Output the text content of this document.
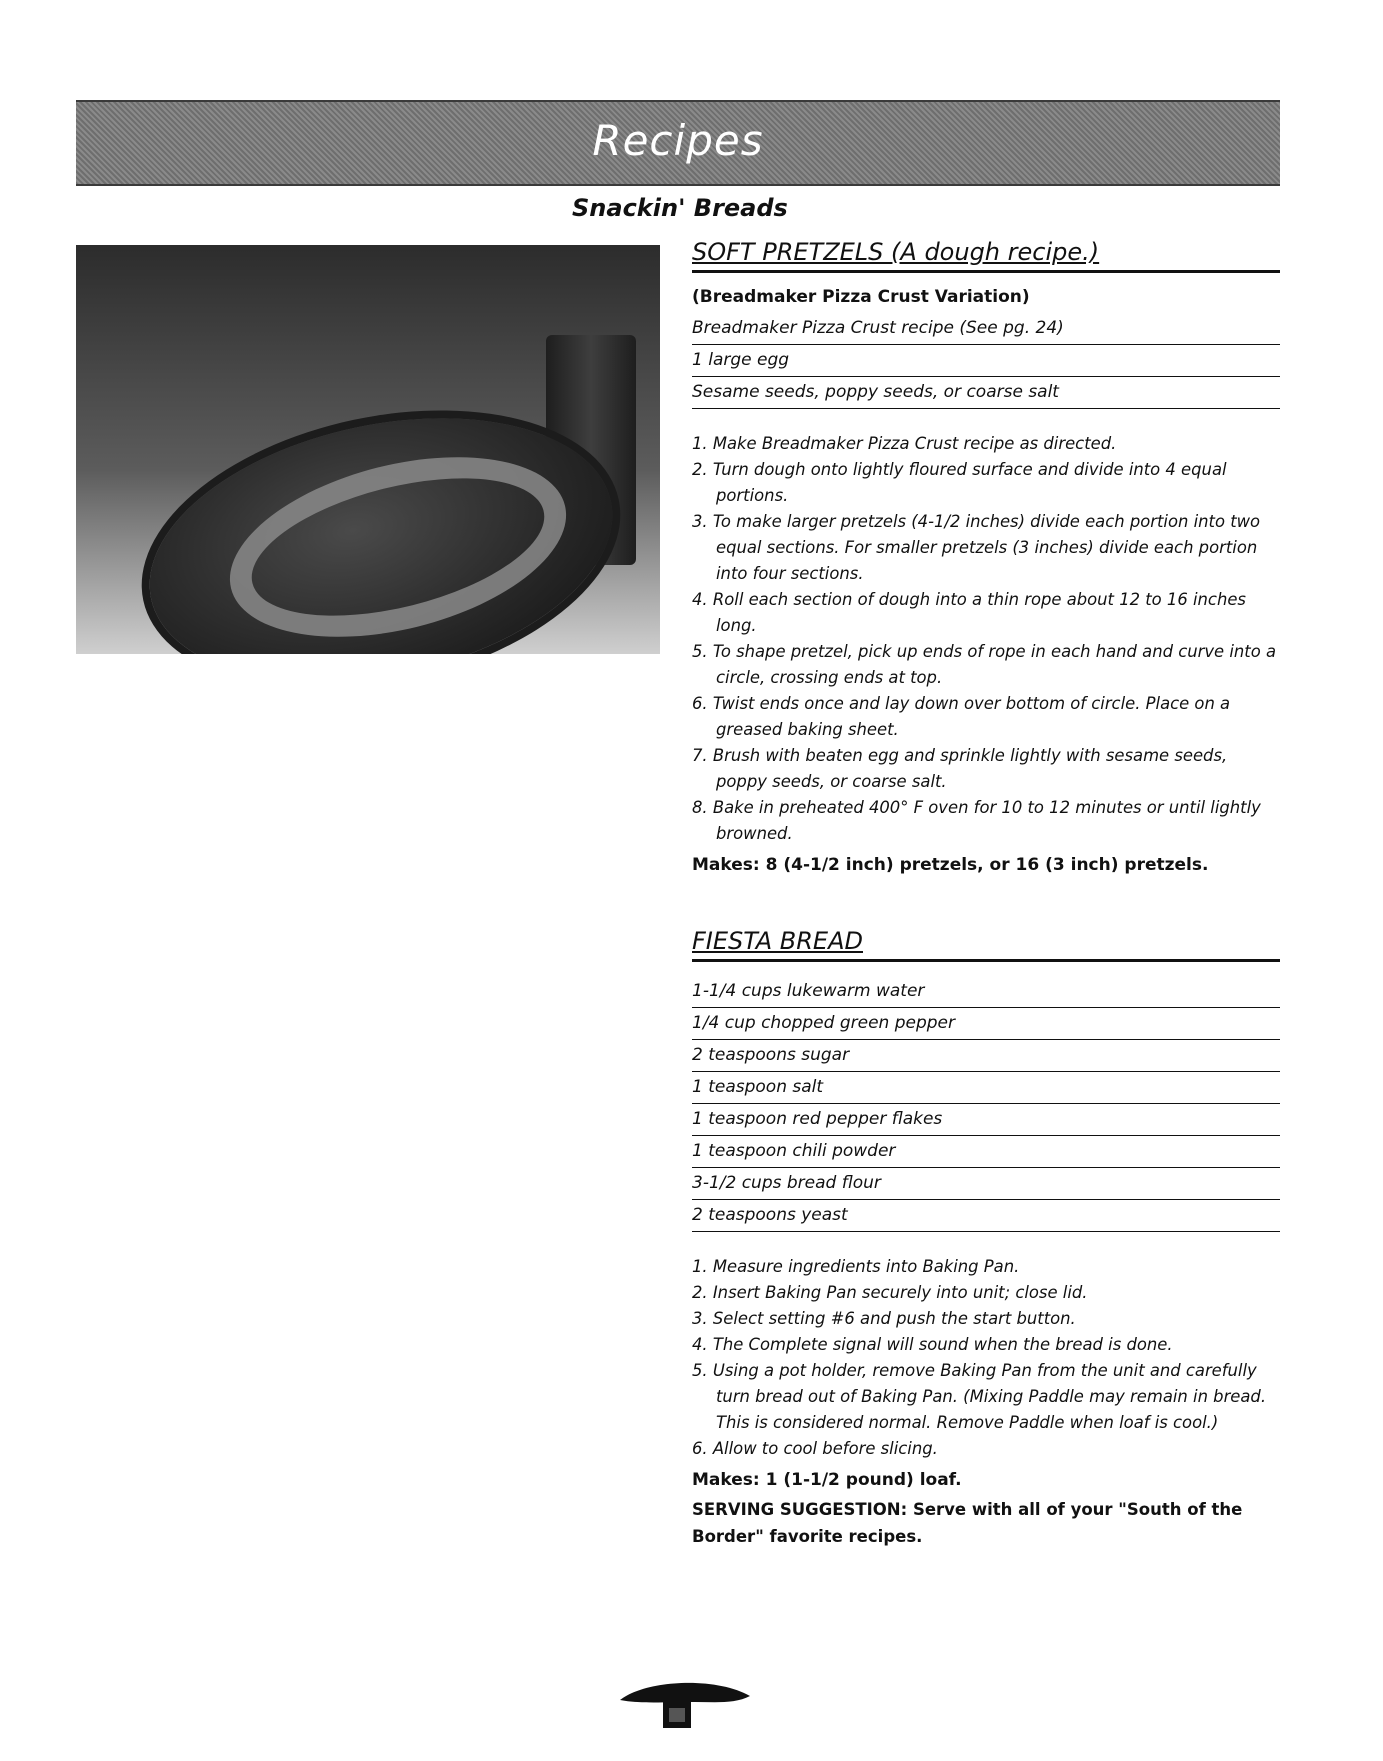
Recipes
Snackin' Breads
SOFT PRETZELS (A dough recipe.)
(Breadmaker Pizza Crust Variation)
Breadmaker Pizza Crust recipe (See pg. 24)
1 large egg
Sesame seeds, poppy seeds, or coarse salt
1. Make Breadmaker Pizza Crust recipe as directed.
2. Turn dough onto lightly floured surface and divide into 4 equal portions.
3. To make larger pretzels (4-1/2 inches) divide each portion into two equal sections. For smaller pretzels (3 inches) divide each portion into four sections.
4. Roll each section of dough into a thin rope about 12 to 16 inches long.
5. To shape pretzel, pick up ends of rope in each hand and curve into a circle, crossing ends at top.
6. Twist ends once and lay down over bottom of circle. Place on a greased baking sheet.
7. Brush with beaten egg and sprinkle lightly with sesame seeds, poppy seeds, or coarse salt.
8. Bake in preheated 400° F oven for 10 to 12 minutes or until lightly browned.
Makes: 8 (4-1/2 inch) pretzels, or 16 (3 inch) pretzels.
FIESTA BREAD
1-1/4 cups lukewarm water
1/4 cup chopped green pepper
2 teaspoons sugar
1 teaspoon salt
1 teaspoon red pepper flakes
1 teaspoon chili powder
3-1/2 cups bread flour
2 teaspoons yeast
1. Measure ingredients into Baking Pan.
2. Insert Baking Pan securely into unit; close lid.
3. Select setting #6 and push the start button.
4. The Complete signal will sound when the bread is done.
5. Using a pot holder, remove Baking Pan from the unit and carefully turn bread out of Baking Pan. (Mixing Paddle may remain in bread. This is considered normal. Remove Paddle when loaf is cool.)
6. Allow to cool before slicing.
Makes: 1 (1-1/2 pound) loaf.
SERVING SUGGESTION: Serve with all of your "South of the Border" favorite recipes.
